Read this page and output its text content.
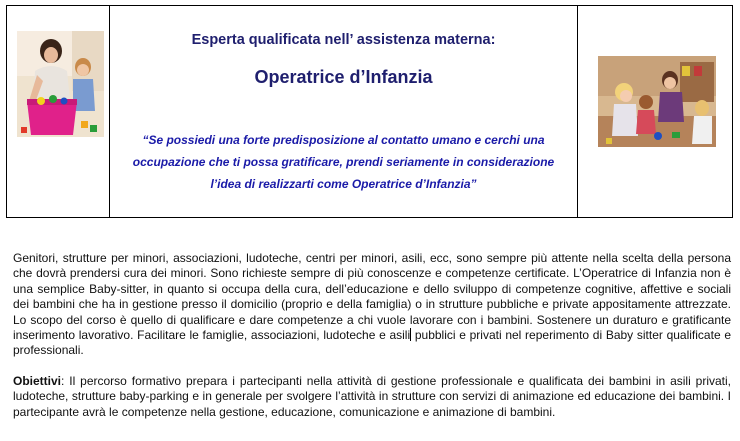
Esperta qualificata nell’ assistenza materna:
Operatrice d’Infanzia
“Se possiedi una forte predisposizione al contatto umano e cerchi una occupazione che ti possa gratificare, prendi seriamente in considerazione l’idea di realizzarti come Operatrice d’Infanzia”

Genitori, strutture per minori, associazioni, ludoteche, centri per minori, asili, ecc, sono sempre più attente nella scelta della persona che dovrà prendersi cura dei minori. Sono richieste sempre di più conoscenze e competenze certificate. L’Operatrice di Infanzia non è una semplice Baby-sitter, in quanto si occupa della cura, dell’educazione e dello sviluppo di competenze cognitive, affettive e sociali dei bambini che ha in gestione presso il domicilio (proprio e della famiglia) o in strutture pubbliche e private appositamente attrezzate. Lo scopo del corso è quello di qualificare e dare competenze a chi vuole lavorare con i bambini. Sostenere un duraturo e gratificante inserimento lavorativo. Facilitare le famiglie, associazioni, ludoteche e asili pubblici e privati nel reperimento di Baby sitter qualificate e professionali.

Obiettivi: Il percorso formativo prepara i partecipanti nella attività di gestione professionale e qualificata dei bambini in asili privati, ludoteche, strutture baby-parking e in generale per svolgere l’attività in strutture con servizi di animazione ed educazione dei bambini. I partecipante avrà le competenze nella gestione, educazione, comunicazione e animazione di bambini.
